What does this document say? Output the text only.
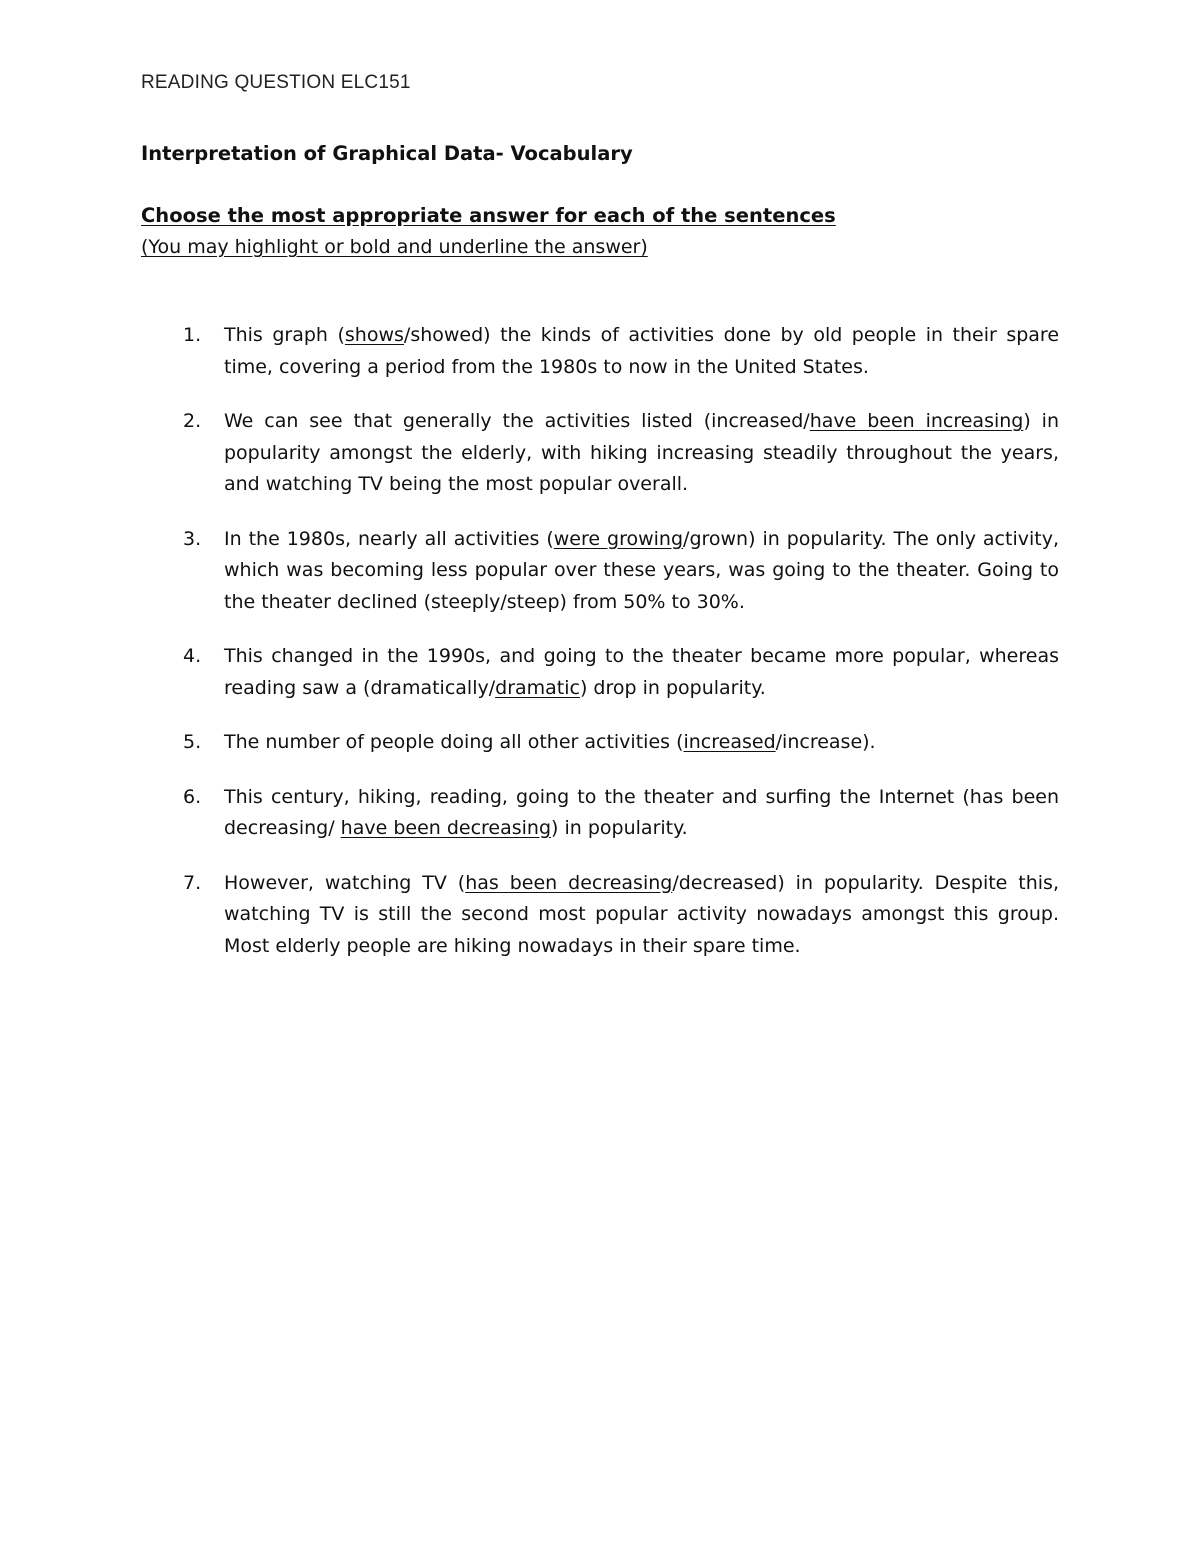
READING QUESTION ELC151
Interpretation of Graphical Data- Vocabulary
Choose the most appropriate answer for each of the sentences
(You may highlight or bold and underline the answer)
1. This graph (shows/showed) the kinds of activities done by old people in their spare time, covering a period from the 1980s to now in the United States.
2. We can see that generally the activities listed (increased/have been increasing) in popularity amongst the elderly, with hiking increasing steadily throughout the years, and watching TV being the most popular overall.
3. In the 1980s, nearly all activities (were growing/grown) in popularity. The only activity, which was becoming less popular over these years, was going to the theater. Going to the theater declined (steeply/steep) from 50% to 30%.
4. This changed in the 1990s, and going to the theater became more popular, whereas reading saw a (dramatically/dramatic) drop in popularity.
5. The number of people doing all other activities (increased/increase).
6. This century, hiking, reading, going to the theater and surfing the Internet (has been decreasing/ have been decreasing) in popularity.
7. However, watching TV (has been decreasing/decreased) in popularity. Despite this, watching TV is still the second most popular activity nowadays amongst this group. Most elderly people are hiking nowadays in their spare time.
